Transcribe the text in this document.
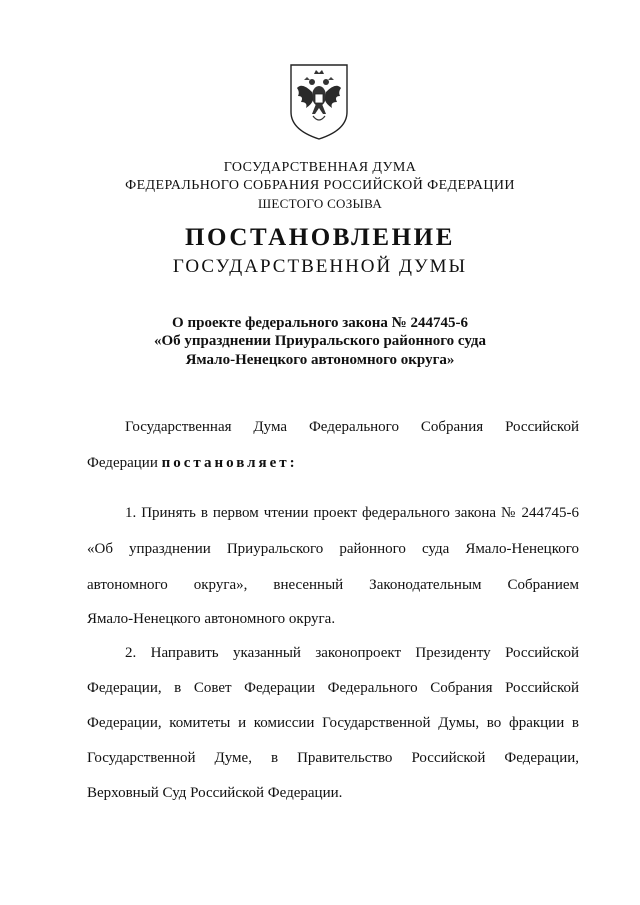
ГОСУДАРСТВЕННАЯ ДУМА
ФЕДЕРАЛЬНОГО СОБРАНИЯ РОССИЙСКОЙ ФЕДЕРАЦИИ
ШЕСТОГО СОЗЫВА
ПОСТАНОВЛЕНИЕ
ГОСУДАРСТВЕННОЙ ДУМЫ
О проекте федерального закона № 244745-6
«Об упразднении Приуральского районного суда
Ямало-Ненецкого автономного округа»
Государственная Дума Федерального Собрания Российской
Федерации постановляет:
1. Принять в первом чтении проект федерального закона № 244745-6
«Об упразднении Приуральского районного суда Ямало-Ненецкого
автономного округа», внесенный Законодательным Собранием
Ямало-Ненецкого автономного округа.
2. Направить указанный законопроект Президенту Российской
Федерации, в Совет Федерации Федерального Собрания Российской
Федерации, комитеты и комиссии Государственной Думы, во фракции в
Государственной Думе, в Правительство Российской Федерации,
Верховный Суд Российской Федерации.
